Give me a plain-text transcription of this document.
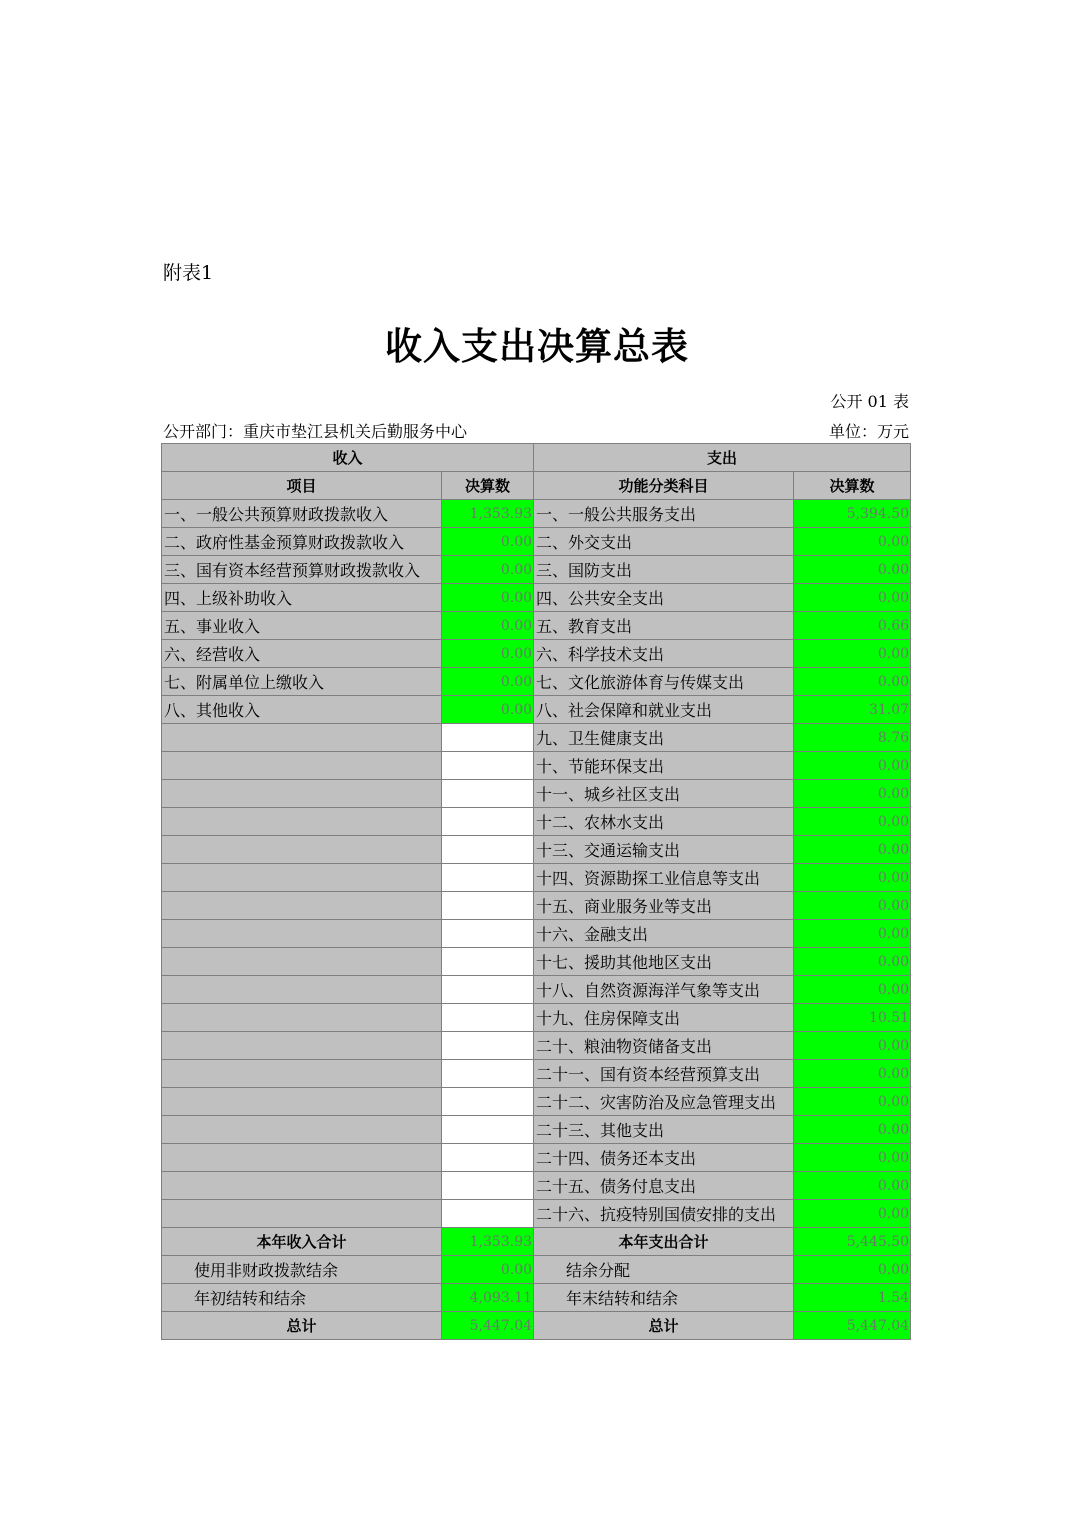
附表1
收入支出决算总表
公开 01 表
公开部门：重庆市垫江县机关后勤服务中心	单位：万元
收入		支出	
项目	决算数	功能分类科目	决算数
一、一般公共预算财政拨款收入	1,353.93	一、一般公共服务支出	5,394.50
二、政府性基金预算财政拨款收入	0.00	二、外交支出	0.00
三、国有资本经营预算财政拨款收入	0.00	三、国防支出	0.00
四、上级补助收入	0.00	四、公共安全支出	0.00
五、事业收入	0.00	五、教育支出	0.66
六、经营收入	0.00	六、科学技术支出	0.00
七、附属单位上缴收入	0.00	七、文化旅游体育与传媒支出	0.00
八、其他收入	0.00	八、社会保障和就业支出	31.07
		九、卫生健康支出	8.76
		十、节能环保支出	0.00
		十一、城乡社区支出	0.00
		十二、农林水支出	0.00
		十三、交通运输支出	0.00
		十四、资源勘探工业信息等支出	0.00
		十五、商业服务业等支出	0.00
		十六、金融支出	0.00
		十七、援助其他地区支出	0.00
		十八、自然资源海洋气象等支出	0.00
		十九、住房保障支出	10.51
		二十、粮油物资储备支出	0.00
		二十一、国有资本经营预算支出	0.00
		二十二、灾害防治及应急管理支出	0.00
		二十三、其他支出	0.00
		二十四、债务还本支出	0.00
		二十五、债务付息支出	0.00
		二十六、抗疫特别国债安排的支出	0.00
本年收入合计	1,353.93	本年支出合计	5,445.50
使用非财政拨款结余	0.00	结余分配	0.00
年初结转和结余	4,093.11	年末结转和结余	1.54
总计	5,447.04	总计	5,447.04
